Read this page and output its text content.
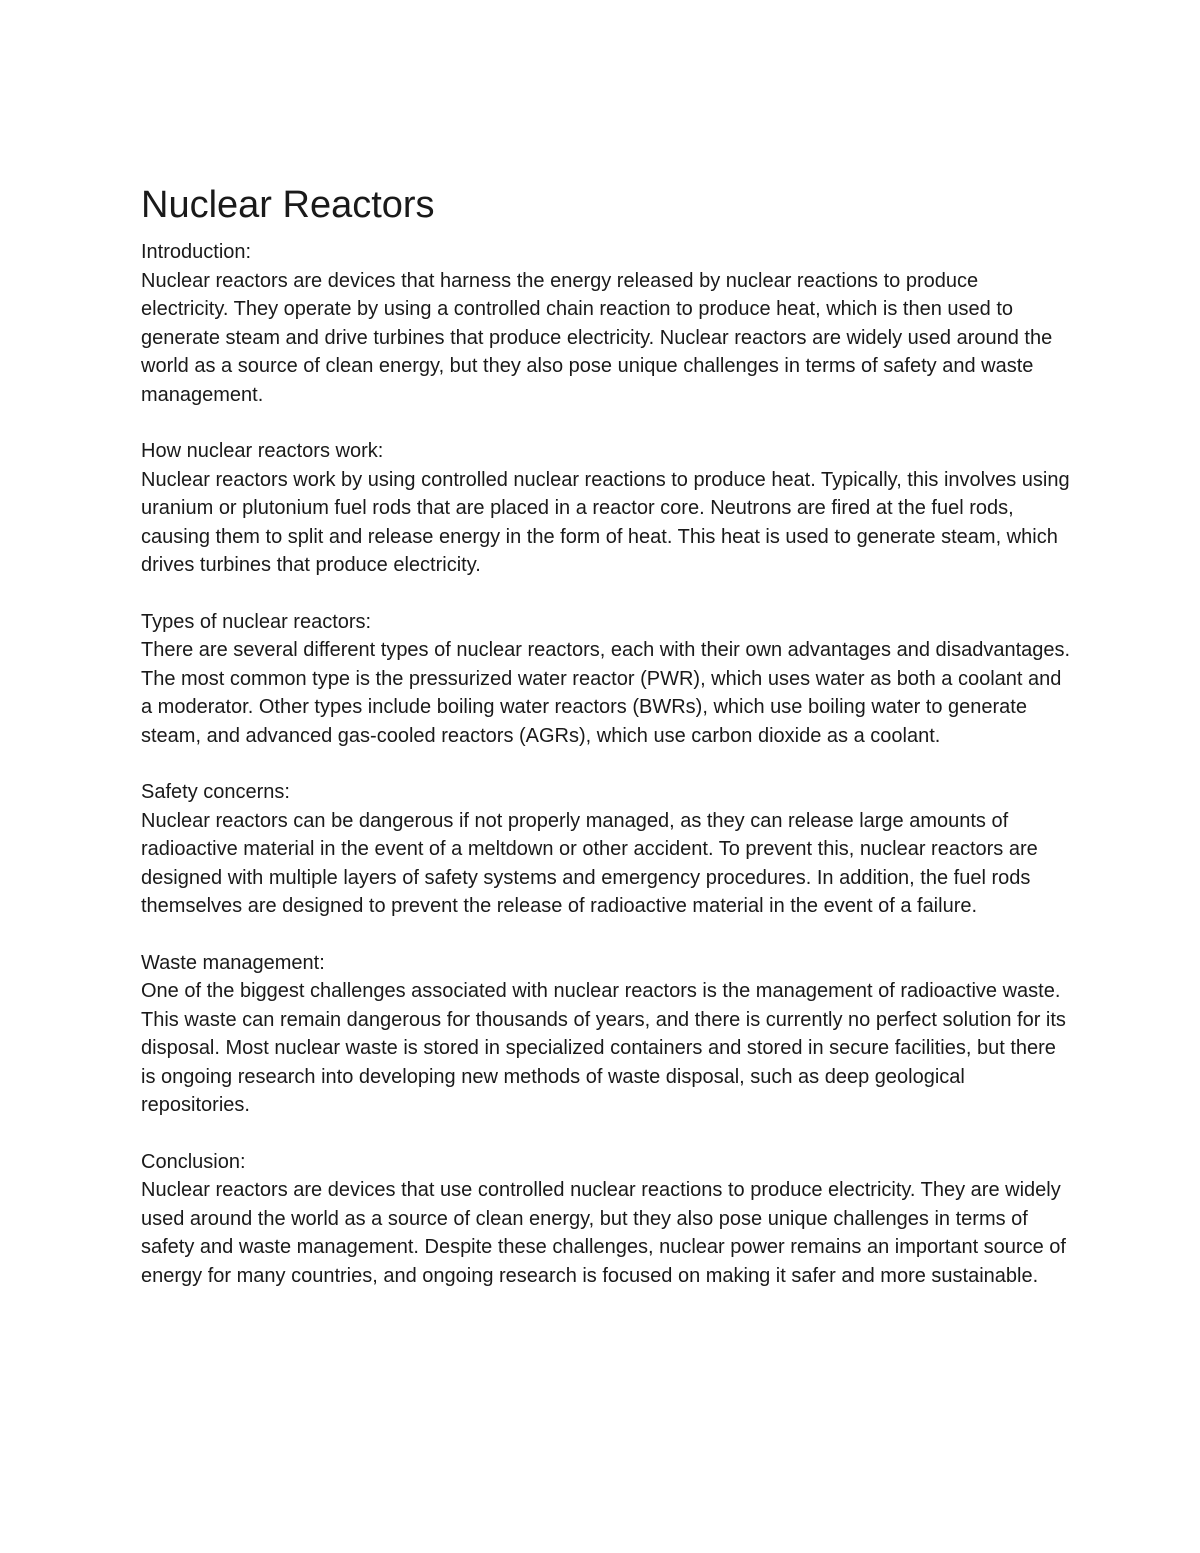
Nuclear Reactors

Introduction:

Nuclear reactors are devices that harness the energy released by nuclear reactions to produce electricity. They operate by using a controlled chain reaction to produce heat, which is then used to generate steam and drive turbines that produce electricity. Nuclear reactors are widely used around the world as a source of clean energy, but they also pose unique challenges in terms of safety and waste management.

How nuclear reactors work:

Nuclear reactors work by using controlled nuclear reactions to produce heat. Typically, this involves using uranium or plutonium fuel rods that are placed in a reactor core. Neutrons are fired at the fuel rods, causing them to split and release energy in the form of heat. This heat is used to generate steam, which drives turbines that produce electricity.

Types of nuclear reactors:

There are several different types of nuclear reactors, each with their own advantages and disadvantages. The most common type is the pressurized water reactor (PWR), which uses water as both a coolant and a moderator. Other types include boiling water reactors (BWRs), which use boiling water to generate steam, and advanced gas-cooled reactors (AGRs), which use carbon dioxide as a coolant.

Safety concerns:

Nuclear reactors can be dangerous if not properly managed, as they can release large amounts of radioactive material in the event of a meltdown or other accident. To prevent this, nuclear reactors are designed with multiple layers of safety systems and emergency procedures. In addition, the fuel rods themselves are designed to prevent the release of radioactive material in the event of a failure.

Waste management:

One of the biggest challenges associated with nuclear reactors is the management of radioactive waste. This waste can remain dangerous for thousands of years, and there is currently no perfect solution for its disposal. Most nuclear waste is stored in specialized containers and stored in secure facilities, but there is ongoing research into developing new methods of waste disposal, such as deep geological repositories.

Conclusion:

Nuclear reactors are devices that use controlled nuclear reactions to produce electricity. They are widely used around the world as a source of clean energy, but they also pose unique challenges in terms of safety and waste management. Despite these challenges, nuclear power remains an important source of energy for many countries, and ongoing research is focused on making it safer and more sustainable.
